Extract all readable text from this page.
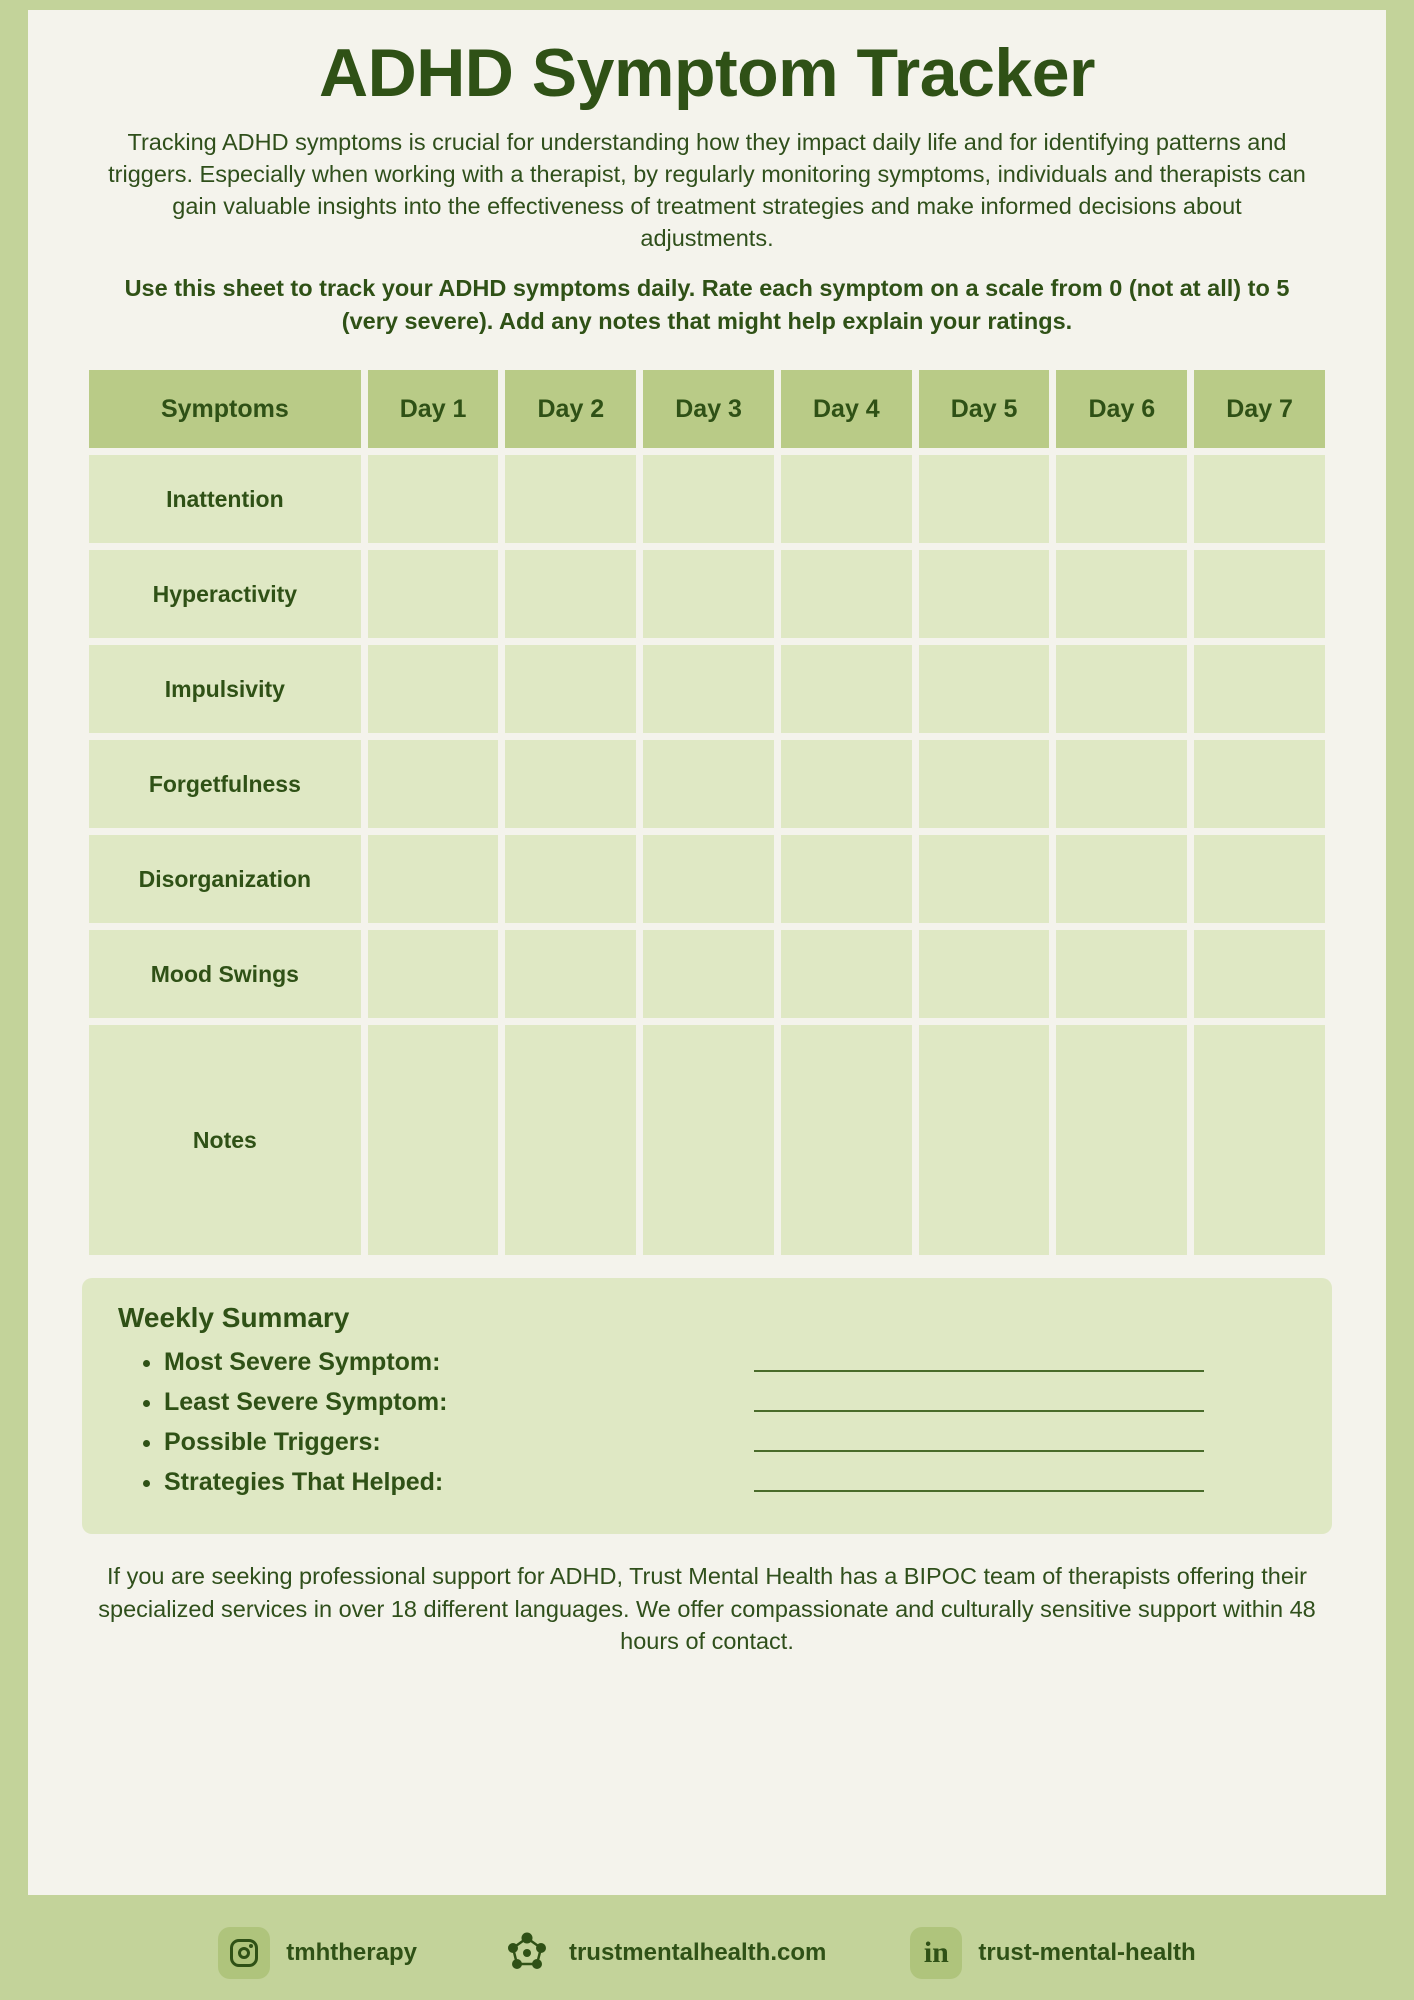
ADHD Symptom Tracker

Tracking ADHD symptoms is crucial for understanding how they impact daily life and for identifying patterns and triggers. Especially when working with a therapist, by regularly monitoring symptoms, individuals and therapists can gain valuable insights into the effectiveness of treatment strategies and make informed decisions about adjustments.

Use this sheet to track your ADHD symptoms daily. Rate each symptom on a scale from 0 (not at all) to 5 (very severe). Add any notes that might help explain your ratings.

Symptoms	Day 1	Day 2	Day 3	Day 4	Day 5	Day 6	Day 7
Inattention							
Hyperactivity							
Impulsivity							
Forgetfulness							
Disorganization							
Mood Swings							
Notes							
Weekly Summary
• Most Severe Symptom:
• Least Severe Symptom:
• Possible Triggers:
• Strategies That Helped:

If you are seeking professional support for ADHD, Trust Mental Health has a BIPOC team of therapists offering their specialized services in over 18 different languages. We offer compassionate and culturally sensitive support within 48 hours of contact.

tmhtherapy	trustmentalhealth.com	in trust-mental-health
